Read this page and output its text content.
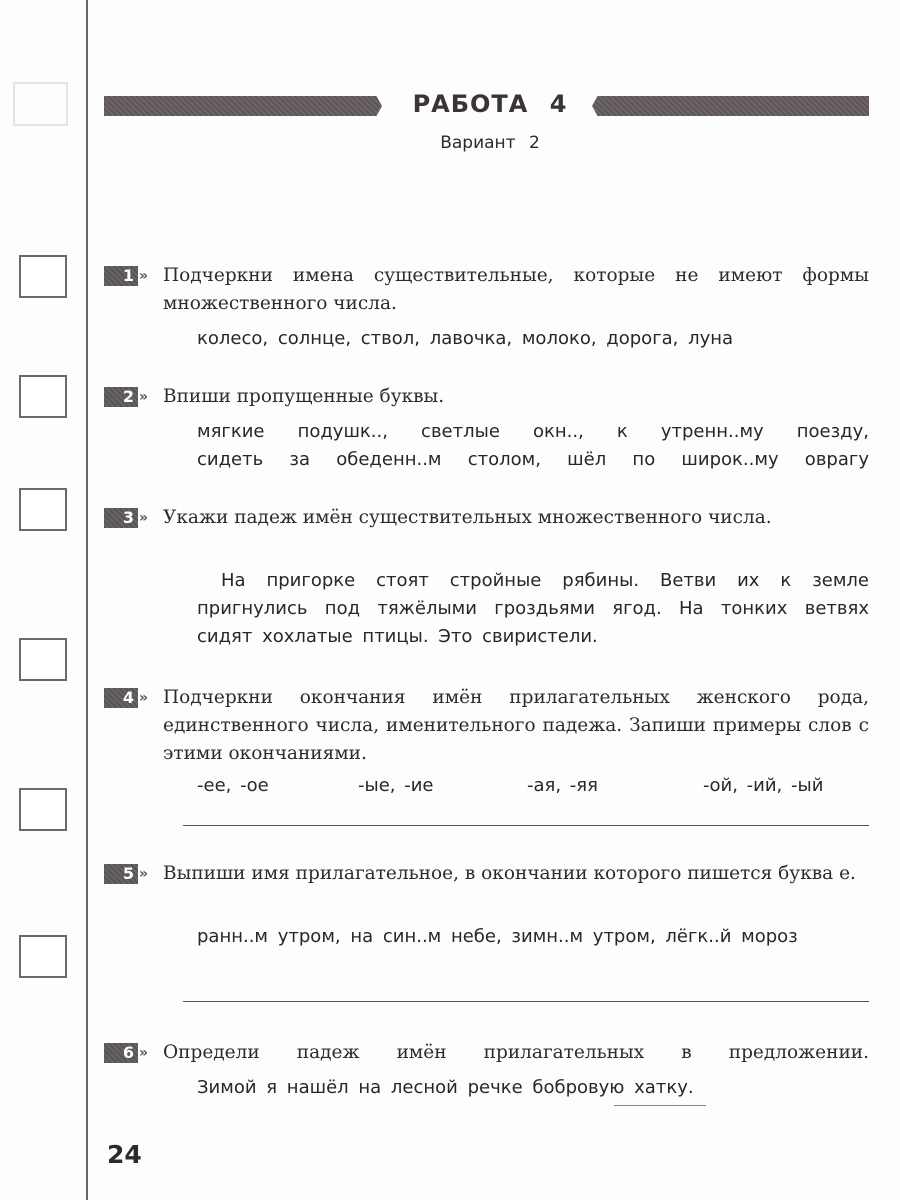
РАБОТА 4
Вариант 2
1 » Подчеркни имена существительные, которые не имеют формы множественного числа.
колесо, солнце, ствол, лавочка, молоко, дорога, луна
2 » Впиши пропущенные буквы.
мягкие подушк.., светлые окн.., к утренн..му поезду,
сидеть за обеденн..м столом, шёл по широк..му оврагу
3 » Укажи падеж имён существительных множественного числа.
На пригорке стоят стройные рябины. Ветви их к земле пригнулись под тяжёлыми гроздьями ягод. На тонких ветвях сидят хохлатые птицы. Это свиристели.
4 » Подчеркни окончания имён прилагательных женского рода, единственного числа, именительного падежа. Запиши примеры слов с этими окончаниями.
-ее, -ое	-ые, -ие	-ая, -яя	-ой, -ий, -ый
5 » Выпиши имя прилагательное, в окончании которого пишется буква е.
ранн..м утром, на син..м небе, зимн..м утром, лёгк..й мороз
6 » Определи падеж имён прилагательных в предложении.
Зимой я нашёл на лесной речке бобровую хатку.
24
